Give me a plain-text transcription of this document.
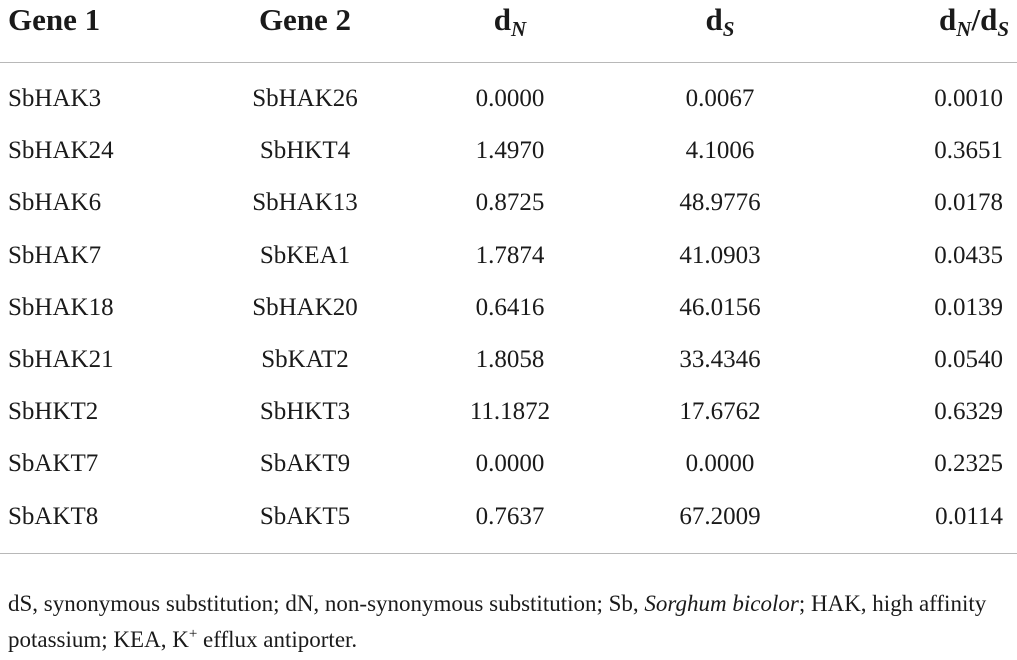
Gene 1	Gene 2	$d_N$	$d_S$	$d_N/d_S$
SbHAK3	SbHAK26	0.0000	0.0067	0.0010
SbHAK24	SbHKT4	1.4970	4.1006	0.3651
SbHAK6	SbHAK13	0.8725	48.9776	0.0178
SbHAK7	SbKEA1	1.7874	41.0903	0.0435
SbHAK18	SbHAK20	0.6416	46.0156	0.0139
SbHAK21	SbKAT2	1.8058	33.4346	0.0540
SbHKT2	SbHKT3	11.1872	17.6762	0.6329
SbAKT7	SbAKT9	0.0000	0.0000	0.2325
SbAKT8	SbAKT5	0.7637	67.2009	0.0114
dS, synonymous substitution; dN, non-synonymous substitution; Sb, Sorghum bicolor; HAK, high affinity potassium; KEA, K+ efflux antiporter.
